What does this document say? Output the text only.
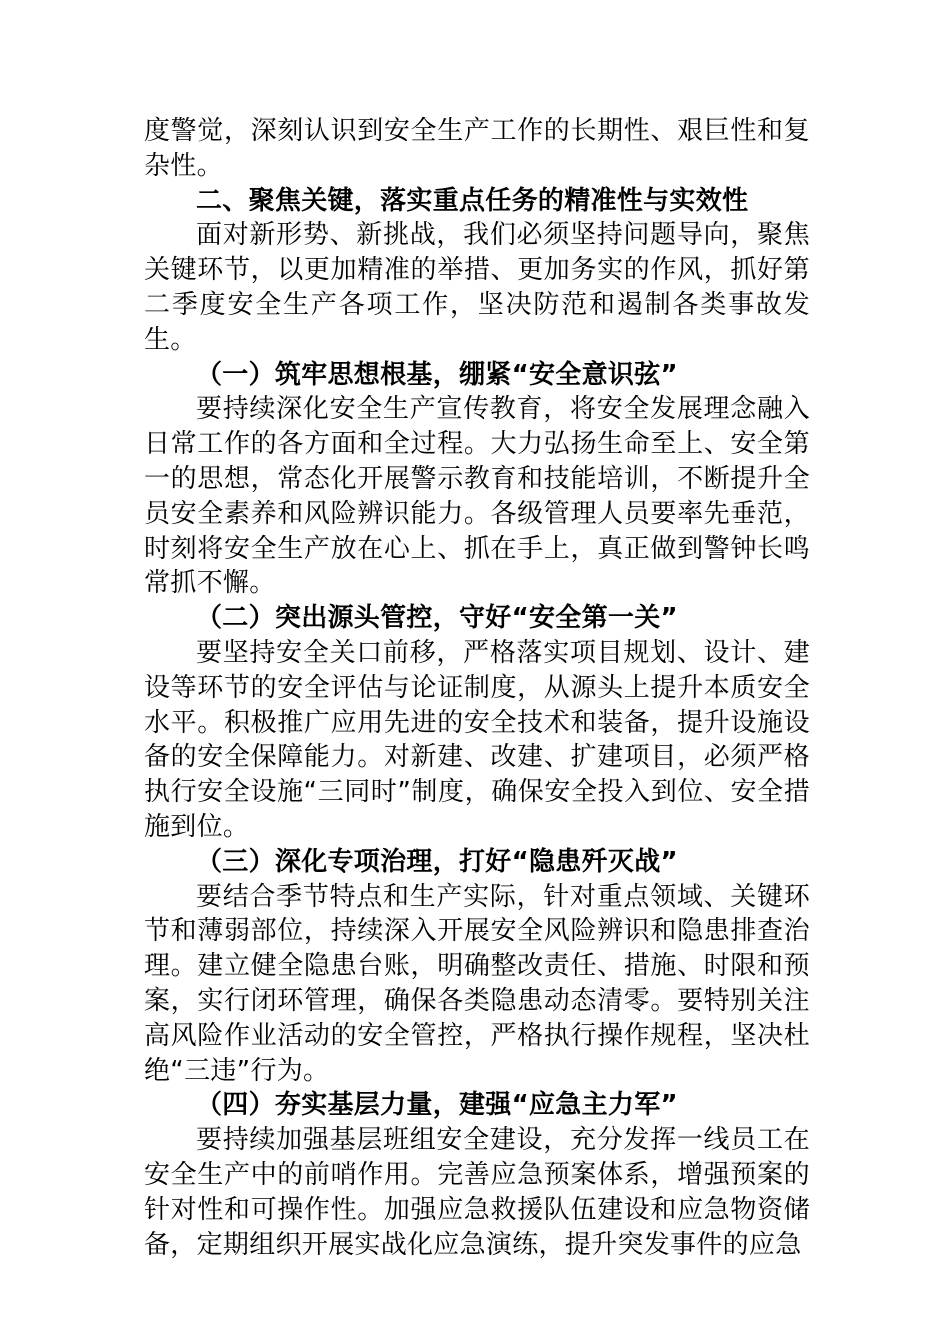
度警觉，深刻认识到安全生产工作的长期性、艰巨性和复杂性。

二、聚焦关键，落实重点任务的精准性与实效性

面对新形势、新挑战，我们必须坚持问题导向，聚焦关键环节，以更加精准的举措、更加务实的作风，抓好第二季度安全生产各项工作，坚决防范和遏制各类事故发生。

（一）筑牢思想根基，绷紧“安全意识弦”

要持续深化安全生产宣传教育，将安全发展理念融入日常工作的各方面和全过程。大力弘扬生命至上、安全第一的思想，常态化开展警示教育和技能培训，不断提升全员安全素养和风险辨识能力。各级管理人员要率先垂范，时刻将安全生产放在心上、抓在手上，真正做到警钟长鸣常抓不懈。

（二）突出源头管控，守好“安全第一关”

要坚持安全关口前移，严格落实项目规划、设计、建设等环节的安全评估与论证制度，从源头上提升本质安全水平。积极推广应用先进的安全技术和装备，提升设施设备的安全保障能力。对新建、改建、扩建项目，必须严格执行安全设施“三同时”制度，确保安全投入到位、安全措施到位。

（三）深化专项治理，打好“隐患歼灭战”

要结合季节特点和生产实际，针对重点领域、关键环节和薄弱部位，持续深入开展安全风险辨识和隐患排查治理。建立健全隐患台账，明确整改责任、措施、时限和预案，实行闭环管理，确保各类隐患动态清零。要特别关注高风险作业活动的安全管控，严格执行操作规程，坚决杜绝“三违”行为。

（四）夯实基层力量，建强“应急主力军”

要持续加强基层班组安全建设，充分发挥一线员工在安全生产中的前哨作用。完善应急预案体系，增强预案的针对性和可操作性。加强应急救援队伍建设和应急物资储备，定期组织开展实战化应急演练，提升突发事件的应急
